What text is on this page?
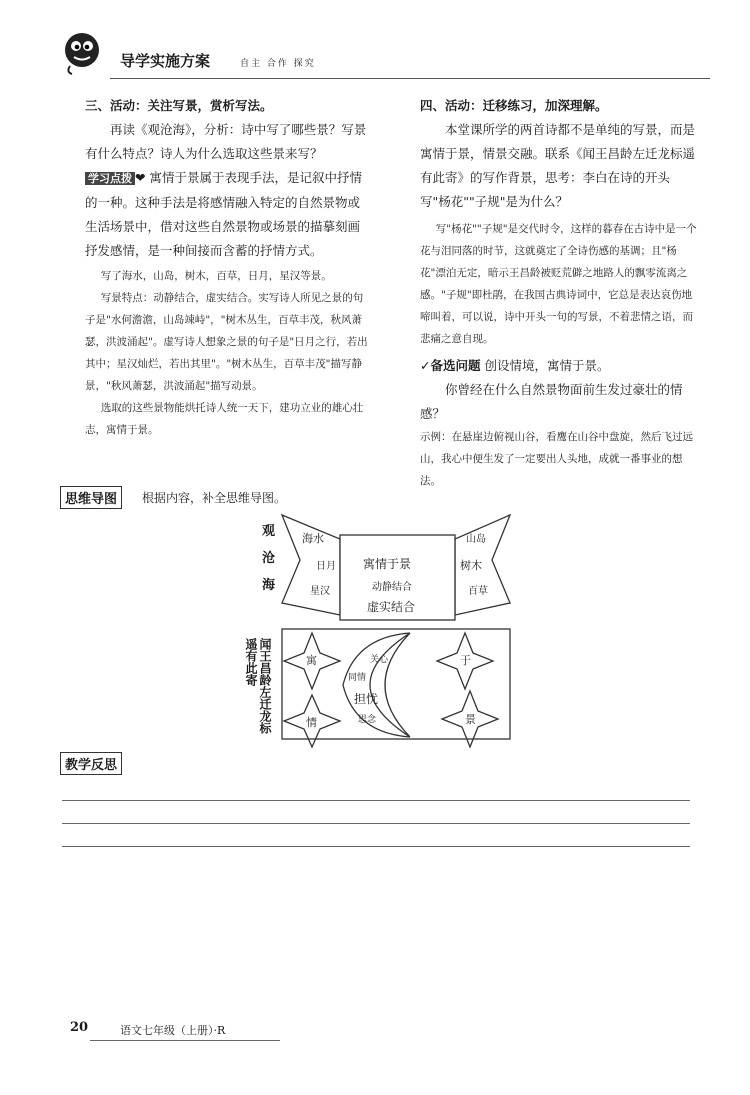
导学实施方案	自主 合作 探究

三、活动：关注写景，赏析写法。

再读《观沧海》，分析：诗中写了哪些景？写景有什么特点？诗人为什么选取这些景来写？

学习点拨 ❤ 寓情于景属于表现手法，是记叙中抒情的一种。这种手法是将感情融入特定的自然景物或生活场景中，借对这些自然景物或场景的描摹刻画抒发感情，是一种间接而含蓄的抒情方式。

写了海水，山岛，树木，百草，日月，星汉等景。

写景特点：动静结合，虚实结合。实写诗人所见之景的句子是"水何澹澹，山岛竦峙"，"树木丛生，百草丰茂，秋风萧瑟，洪波涌起"。虚写诗人想象之景的句子是"日月之行，若出其中；星汉灿烂，若出其里"。"树木丛生，百草丰茂"描写静景，"秋风萧瑟，洪波涌起"描写动景。

选取的这些景物能烘托诗人统一天下，建功立业的雄心壮志，寓情于景。

四、活动：迁移练习，加深理解。

本堂课所学的两首诗都不是单纯的写景，而是寓情于景，情景交融。联系《闻王昌龄左迁龙标遥有此寄》的写作背景，思考：李白在诗的开头写"杨花""子规"是为什么？

写"杨花""子规"是交代时令，这样的暮春在古诗中是一个花与泪同落的时节，这就奠定了全诗伤感的基调；且"杨花"漂泊无定，暗示王昌龄被贬荒僻之地路人的飘零流离之感。"子规"即杜鹃，在我国古典诗词中，它总是表达哀伤地啼叫着，可以说，诗中开头一句的写景，不着悲情之语，而悲痛之意自现。

✓备选问题 创设情境，寓情于景。

你曾经在什么自然景物面前生发过豪壮的情感？

示例：在悬崖边俯视山谷，看鹰在山谷中盘旋，然后飞过远山，我心中便生发了一定要出人头地，成就一番事业的想法。

思维导图	根据内容，补全思维导图。
观沧海
闻王昌龄左迁龙标遥有此寄
海水
日月
星汉
山岛
树木
百草
寓情于景
动静结合
虚实结合
寓
情
于
景
关心
同情
担忧
思念
教学反思
20	语文七年级（上册）·R
